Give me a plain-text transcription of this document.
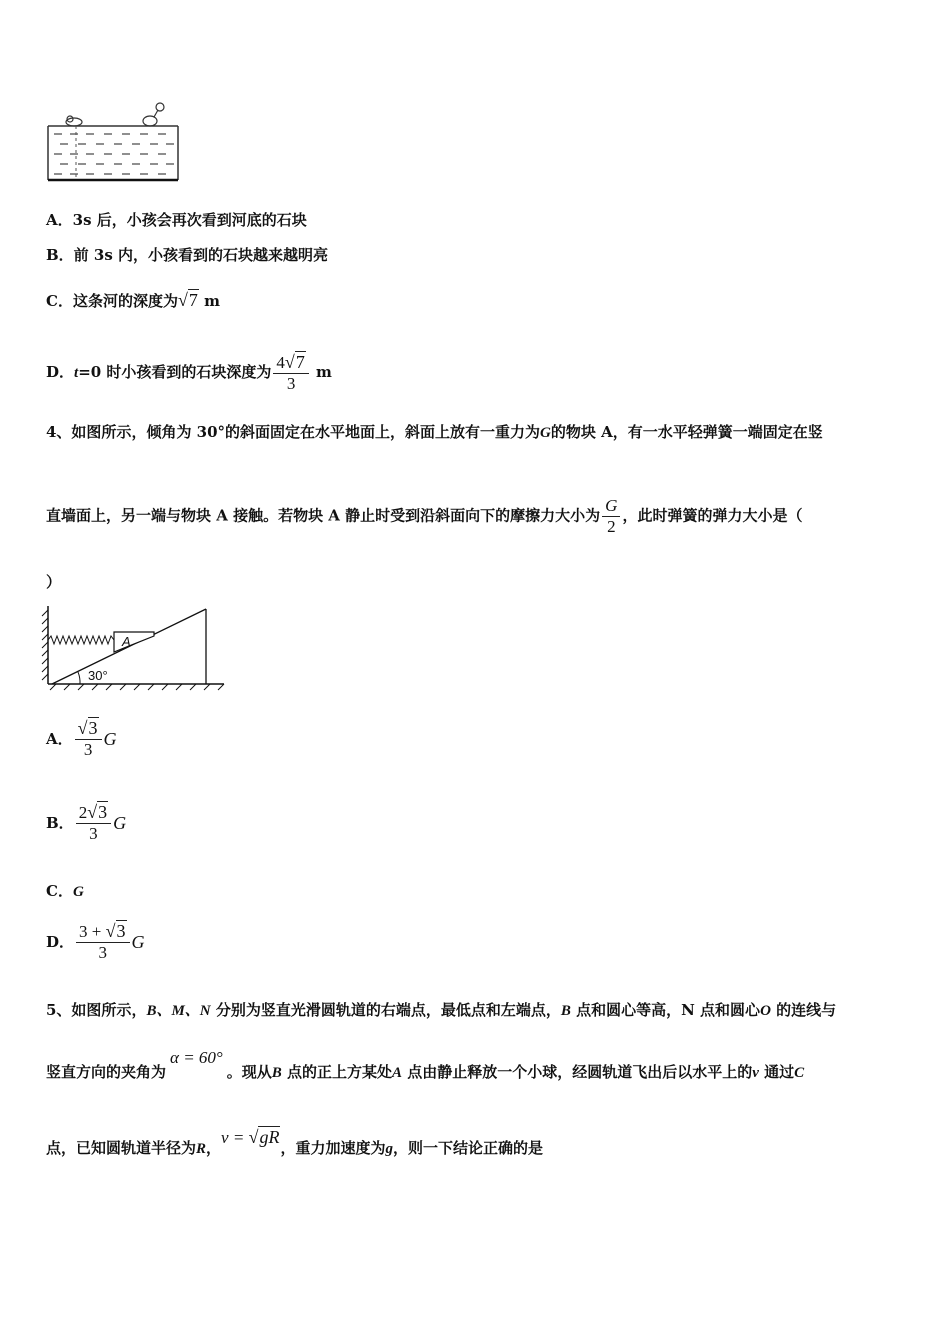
A．3s 后，小孩会再次看到河底的石块
B．前 3s 内，小孩看到的石块越来越明亮
C．这条河的深度为√7 m
D．t=0 时小孩看到的石块深度为 $\frac{4√7}{3}$ m
4、如图所示，倾角为 30°的斜面固定在水平地面上，斜面上放有一重力为G的物块 A，有一水平轻弹簧一端固定在竖
直墙面上，另一端与物块 A 接触。若物块 A 静止时受到沿斜面向下的摩擦力大小为 $\frac{G}{2}$ ，此时弹簧的弹力大小是（
）
A
30°
A． $\frac{√3}{3}$ G
B． $\frac{2√3}{3}$ G
C．G
D． $\frac{3 + √3}{3}$ G
5、如图所示，B、M、N 分别为竖直光滑圆轨道的右端点，最低点和左端点，B 点和圆心等高，N 点和圆心O 的连线与
竖直方向的夹角为α = 60°。现从B 点的正上方某处A 点由静止释放一个小球，经圆轨道飞出后以水平上的v 通过C
点，已知圆轨道半径为R，v = √gR，重力加速度为g，则一下结论正确的是
